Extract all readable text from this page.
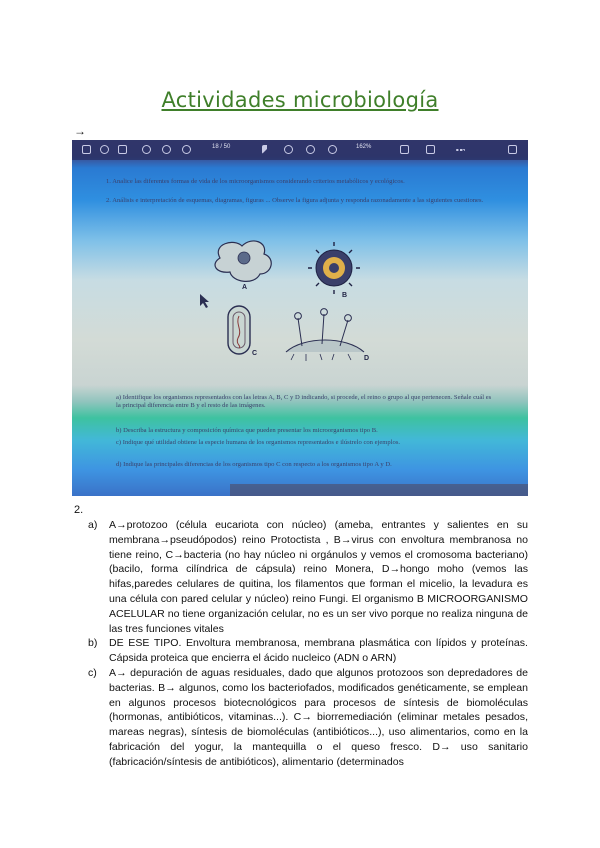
Actividades microbiología
→
18 / 50	162%
1. Analice las diferentes formas de vida de los microorganismos considerando criterios metabólicos y ecológicos.
2. Análisis e interpretación de esquemas, diagramas, figuras ... Observe la figura adjunta y responda razonadamente a las siguientes cuestiones.
A
B
C
D
a) Identifique los organismos representados con las letras A, B, C y D indicando, si procede, el reino o grupo al que pertenecen. Señale cuál es la principal diferencia entre B y el resto de las imágenes.
b) Describa la estructura y composición química que pueden presentar los microorganismos tipo B.
c) Indique qué utilidad obtiene la especie humana de los organismos representados e ilústrelo con ejemplos.
d) Indique las principales diferencias de los organismos tipo C con respecto a los organismos tipo A y D.
2.
a)	A→protozoo (célula eucariota con núcleo) (ameba, entrantes y salientes en su membrana→pseudópodos) reino Protoctista , B→virus con envoltura membranosa no tiene reino, C→bacteria (no hay núcleo ni orgánulos y vemos el cromosoma bacteriano) (bacilo, forma cilíndrica de cápsula) reino Monera, D→hongo moho (vemos las hifas,paredes celulares de quitina, los filamentos que forman el micelio, la levadura es una célula con pared celular y núcleo) reino Fungi. El organismo B MICROORGANISMO ACELULAR no tiene organización celular, no es un ser vivo porque no realiza ninguna de las tres funciones vitales
b)	DE ESE TIPO. Envoltura membranosa, membrana plasmática con lípidos y proteínas. Cápsida proteica que encierra el ácido nucleico (ADN o ARN)
c)	A→ depuración de aguas residuales, dado que algunos protozoos son depredadores de bacterias. B→ algunos, como los bacteriofados, modificados genéticamente, se emplean en algunos procesos biotecnológicos para procesos de síntesis de biomoléculas (hormonas, antibióticos, vitaminas...). C→ biorremediación (eliminar metales pesados, mareas negras), síntesis de biomoléculas (antibióticos...), uso alimentarios, como en la fabricación del yogur, la mantequilla o el queso fresco. D→ uso sanitario (fabricación/síntesis de antibióticos), alimentario (determinados
